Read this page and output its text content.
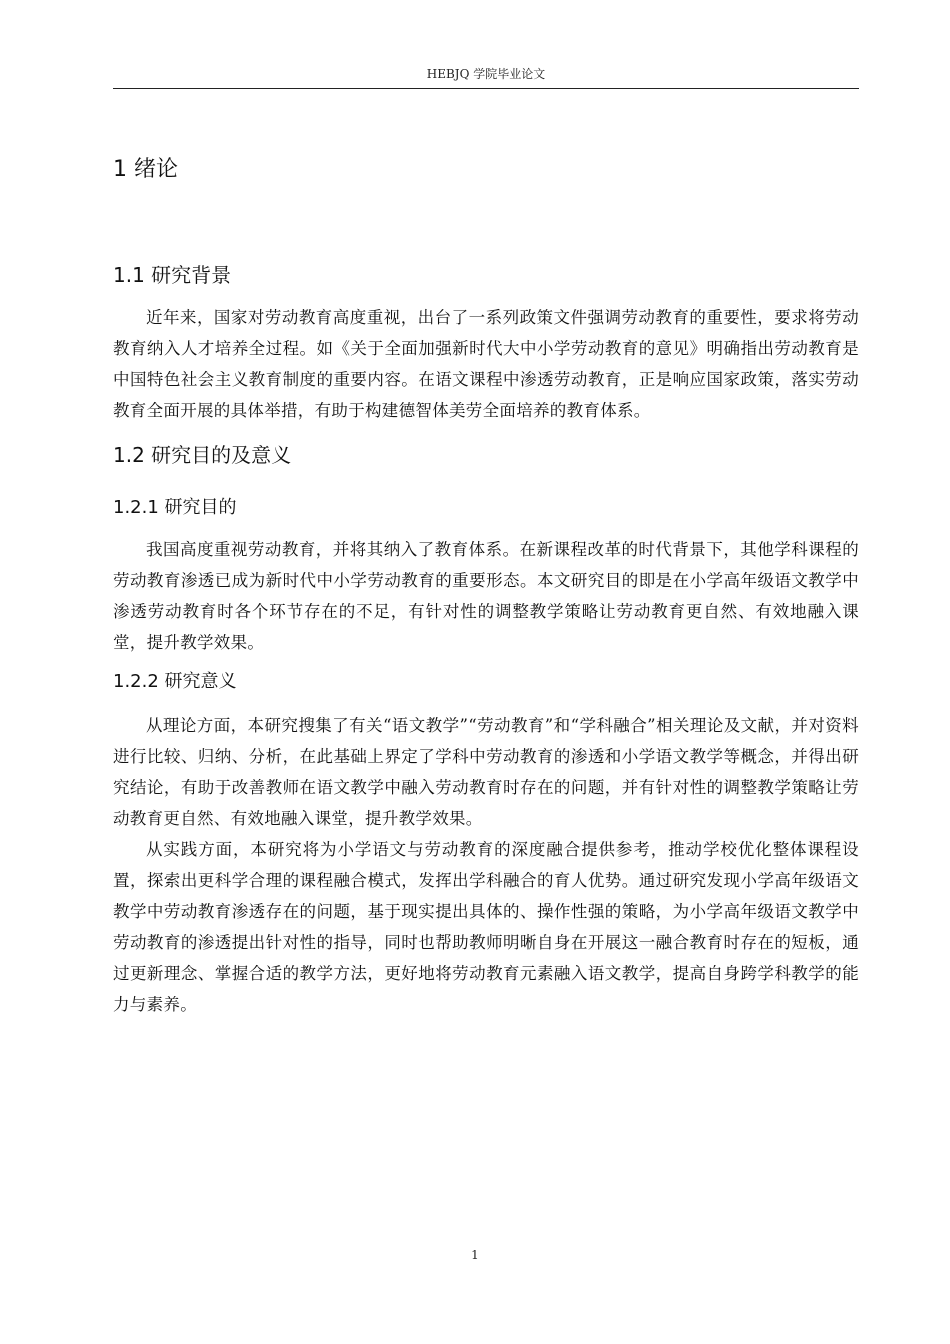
HEBJQ 学院毕业论文
1 绪论
1.1 研究背景

近年来，国家对劳动教育高度重视，出台了一系列政策文件强调劳动教育的重要性，要求将劳动教育纳入人才培养全过程。如《关于全面加强新时代大中小学劳动教育的意见》明确指出劳动教育是中国特色社会主义教育制度的重要内容。在语文课程中渗透劳动教育，正是响应国家政策，落实劳动教育全面开展的具体举措，有助于构建德智体美劳全面培养的教育体系。

1.2 研究目的及意义
1.2.1 研究目的

我国高度重视劳动教育，并将其纳入了教育体系。在新课程改革的时代背景下，其他学科课程的劳动教育渗透已成为新时代中小学劳动教育的重要形态。本文研究目的即是在小学高年级语文教学中渗透劳动教育时各个环节存在的不足，有针对性的调整教学策略让劳动教育更自然、有效地融入课堂，提升教学效果。

1.2.2 研究意义

从理论方面，本研究搜集了有关“语文教学”“劳动教育”和“学科融合”相关理论及文献，并对资料进行比较、归纳、分析，在此基础上界定了学科中劳动教育的渗透和小学语文教学等概念，并得出研究结论，有助于改善教师在语文教学中融入劳动教育时存在的问题，并有针对性的调整教学策略让劳动教育更自然、有效地融入课堂，提升教学效果。

从实践方面，本研究将为小学语文与劳动教育的深度融合提供参考，推动学校优化整体课程设置，探索出更科学合理的课程融合模式，发挥出学科融合的育人优势。通过研究发现小学高年级语文教学中劳动教育渗透存在的问题，基于现实提出具体的、操作性强的策略，为小学高年级语文教学中劳动教育的渗透提出针对性的指导，同时也帮助教师明晰自身在开展这一融合教育时存在的短板，通过更新理念、掌握合适的教学方法，更好地将劳动教育元素融入语文教学，提高自身跨学科教学的能力与素养。

1
